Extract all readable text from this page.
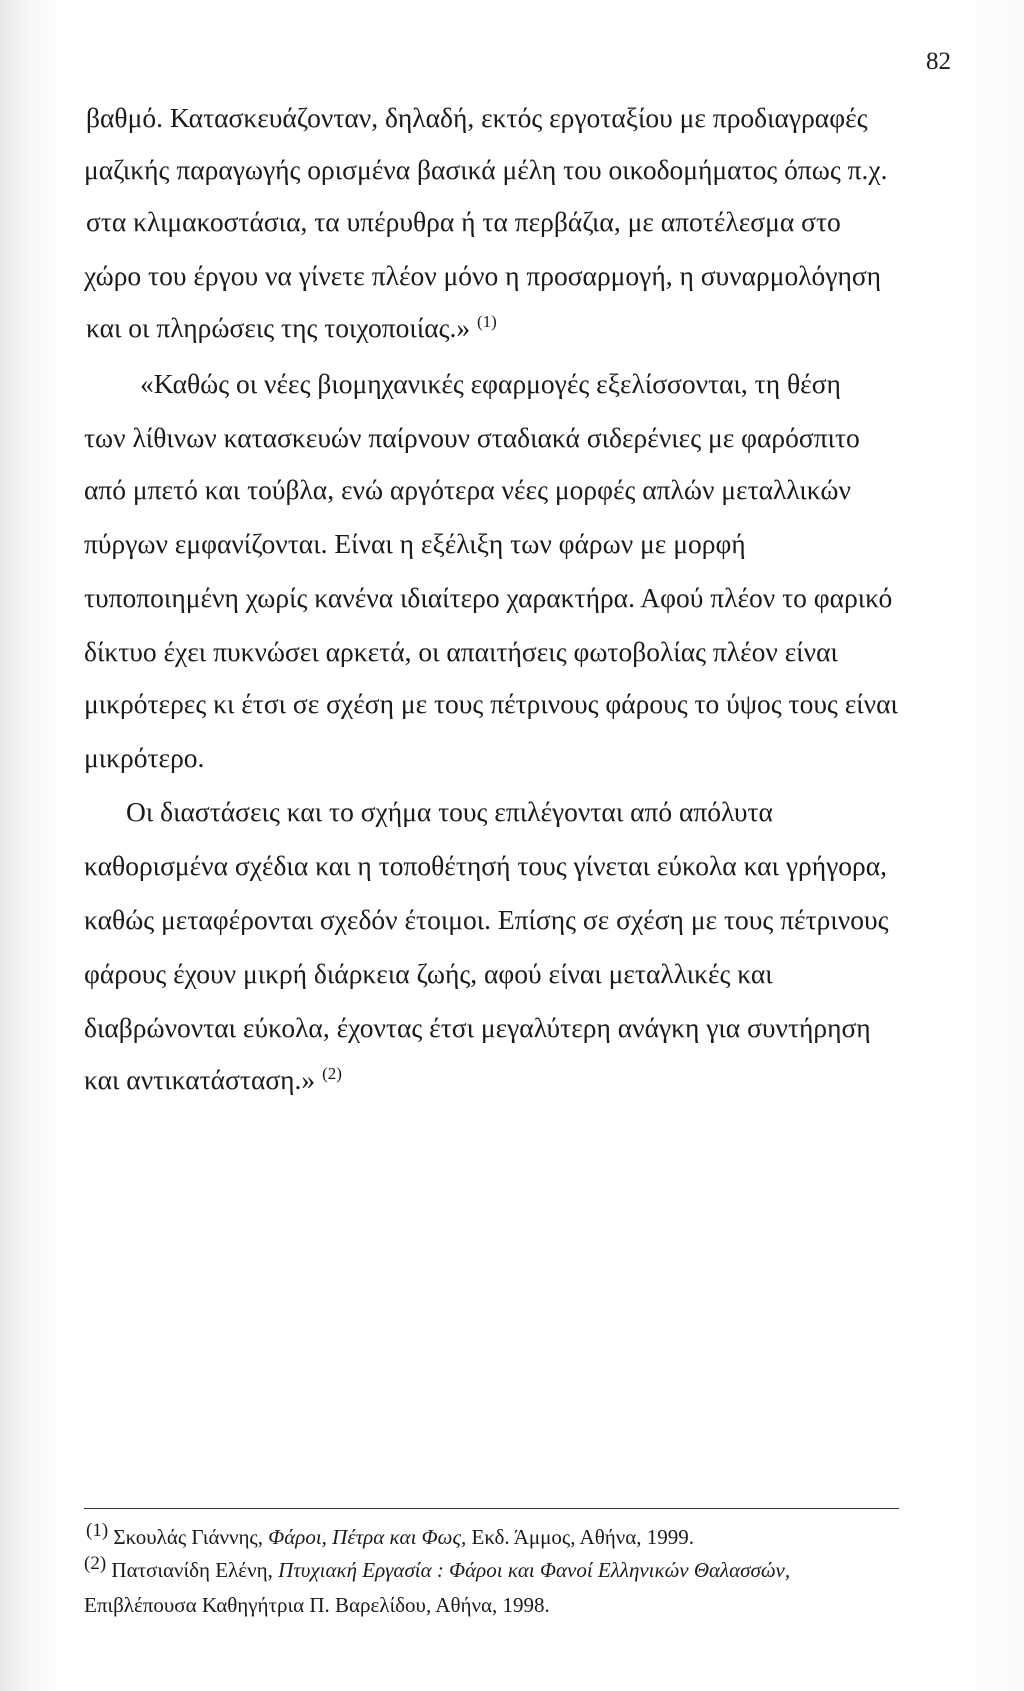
82
βαθμό. Κατασκευάζονταν, δηλαδή, εκτός εργοταξίου με προδιαγραφές
μαζικής παραγωγής ορισμένα βασικά μέλη του οικοδομήματος όπως π.χ.
στα κλιμακοστάσια, τα υπέρυθρα ή τα περβάζια, με αποτέλεσμα στο
χώρο του έργου να γίνετε πλέον μόνο η προσαρμογή, η συναρμολόγηση
και οι πληρώσεις της τοιχοποιίας.» $^{(1)}$
«Καθώς οι νέες βιομηχανικές εφαρμογές εξελίσσονται, τη θέση
των λίθινων κατασκευών παίρνουν σταδιακά σιδερένιες με φαρόσπιτο
από μπετό και τούβλα, ενώ αργότερα νέες μορφές απλών μεταλλικών
πύργων εμφανίζονται. Είναι η εξέλιξη των φάρων με μορφή
τυποποιημένη χωρίς κανένα ιδιαίτερο χαρακτήρα. Αφού πλέον το φαρικό
δίκτυο έχει πυκνώσει αρκετά, οι απαιτήσεις φωτοβολίας πλέον είναι
μικρότερες κι έτσι σε σχέση με τους πέτρινους φάρους το ύψος τους είναι
μικρότερο.
Οι διαστάσεις και το σχήμα τους επιλέγονται από απόλυτα
καθορισμένα σχέδια και η τοποθέτησή τους γίνεται εύκολα και γρήγορα,
καθώς μεταφέρονται σχεδόν έτοιμοι. Επίσης σε σχέση με τους πέτρινους
φάρους έχουν μικρή διάρκεια ζωής, αφού είναι μεταλλικές και
διαβρώνονται εύκολα, έχοντας έτσι μεγαλύτερη ανάγκη για συντήρηση
και αντικατάσταση.» $^{(2)}$
(1) Σκουλάς Γιάννης, Φάροι, Πέτρα και Φως, Εκδ. Άμμος, Αθήνα, 1999.
(2) Πατσιανίδη Ελένη, Πτυχιακή Εργασία : Φάροι και Φανοί Ελληνικών Θαλασσών,
Επιβλέπουσα Καθηγήτρια Π. Βαρελίδου, Αθήνα, 1998.
